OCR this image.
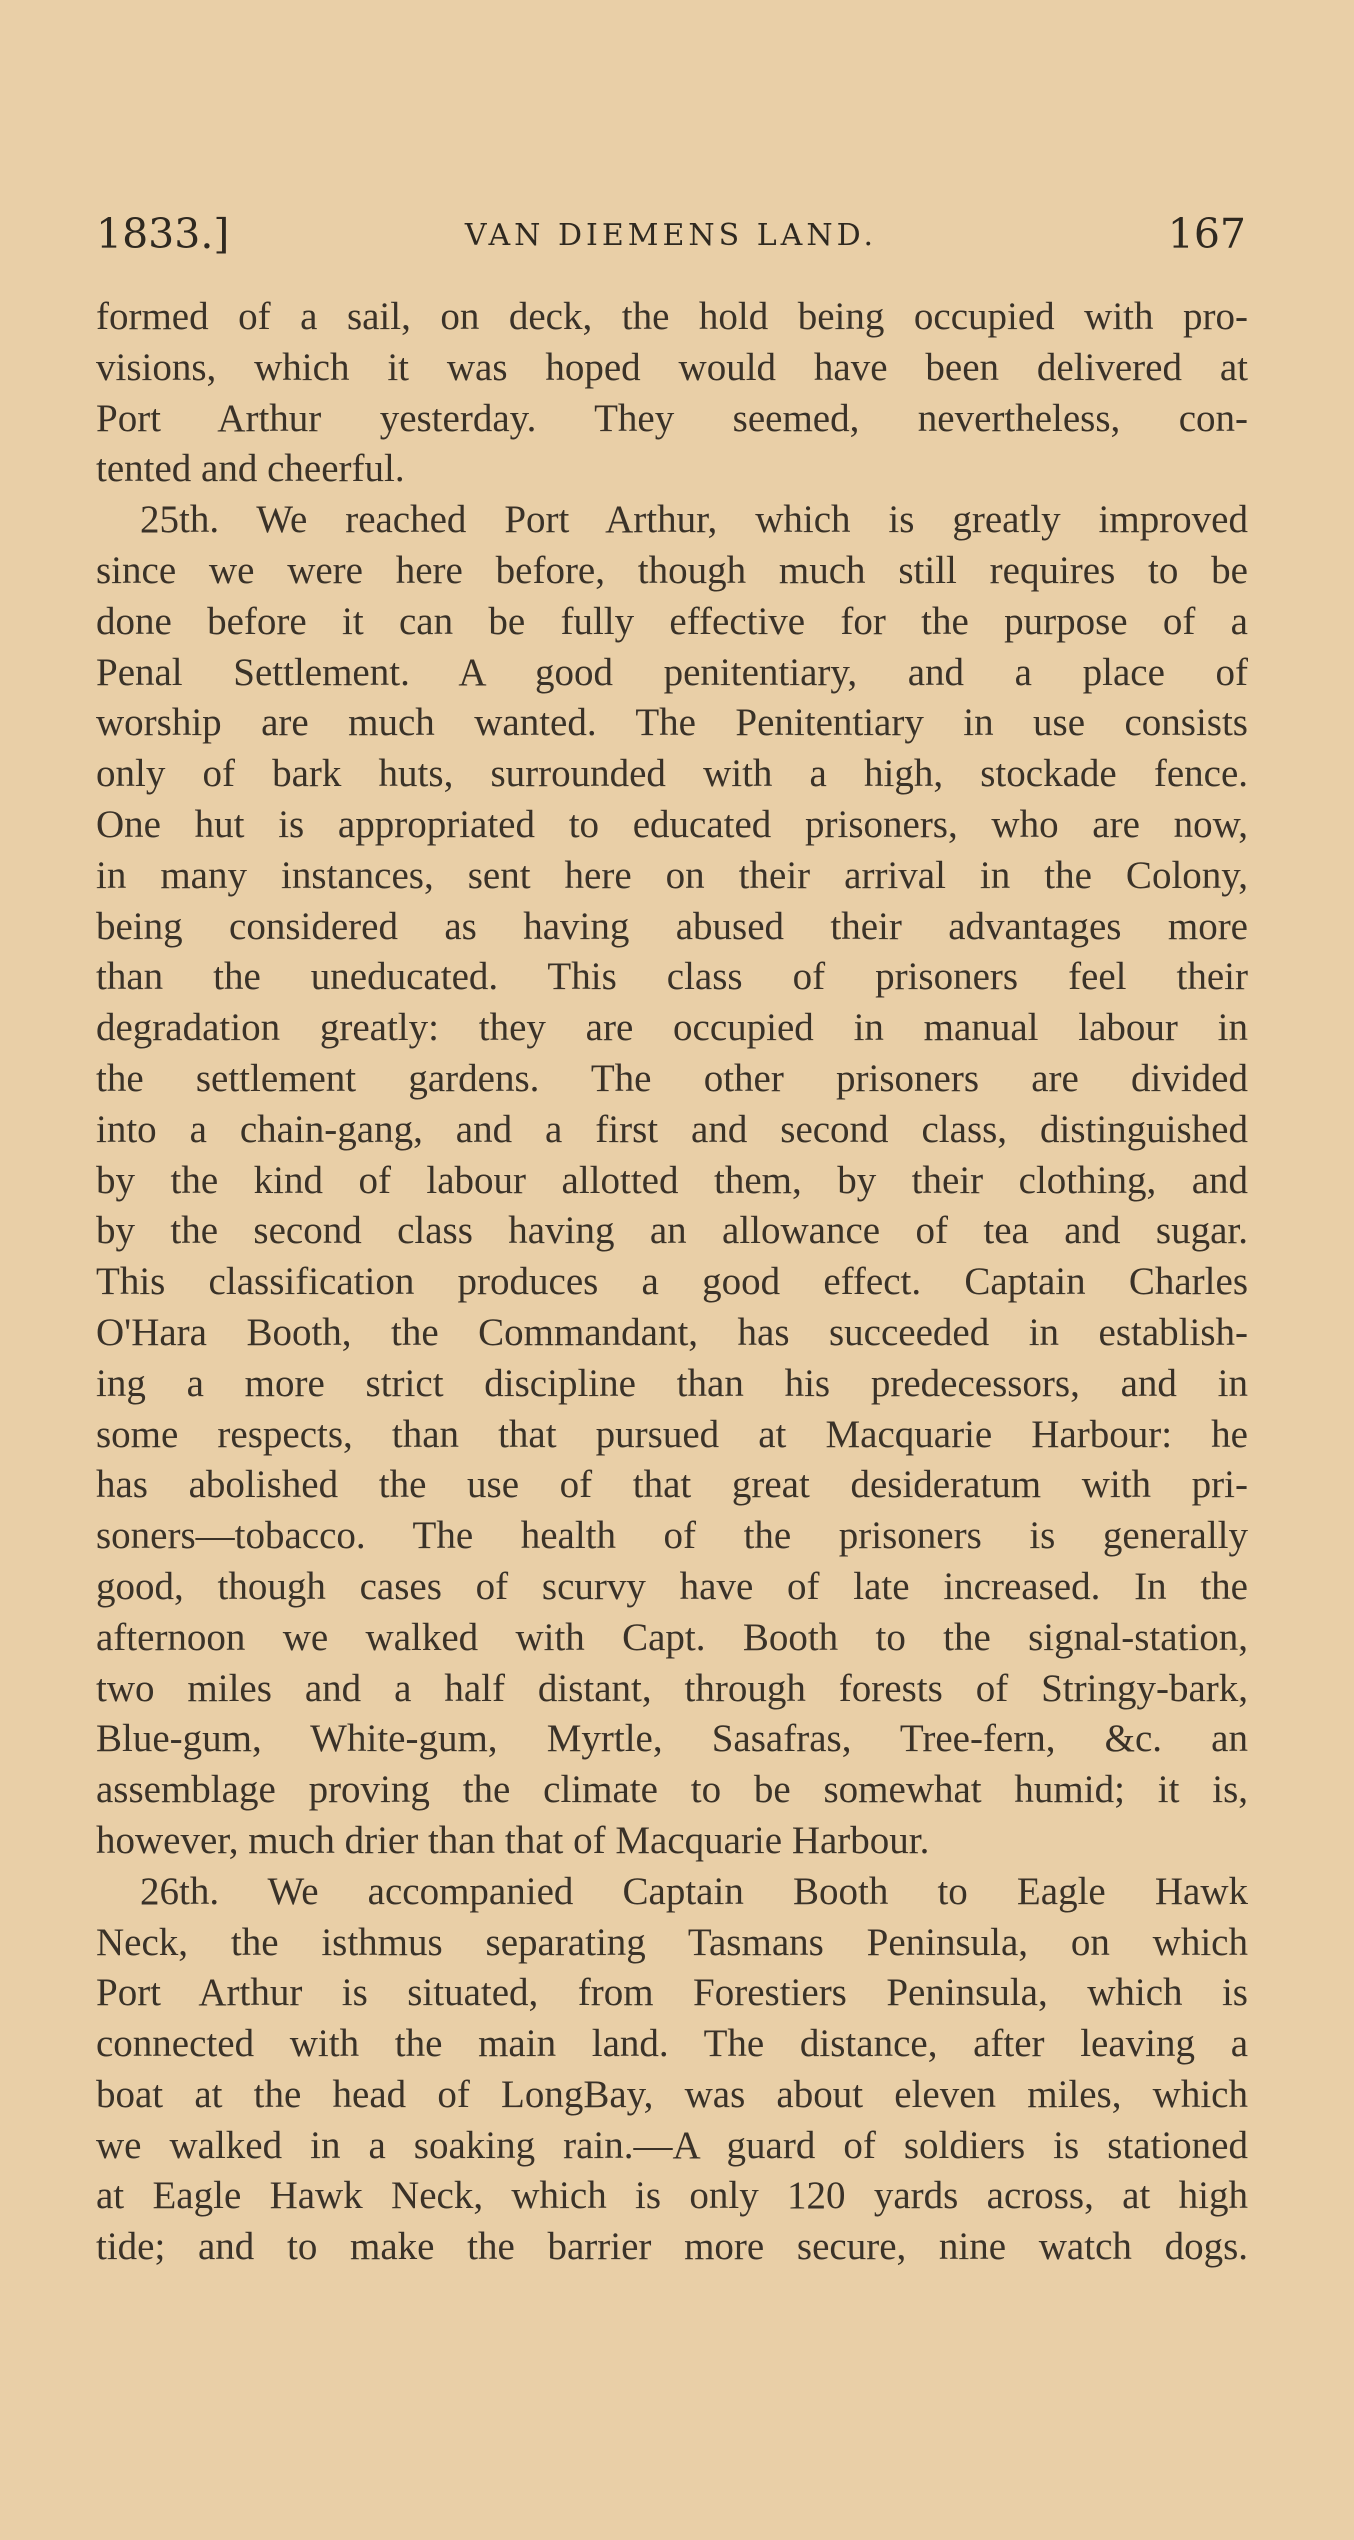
1833.]	VAN DIEMENS LAND.	167
formed of a sail, on deck, the hold being occupied with pro-
visions, which it was hoped would have been delivered at
Port Arthur yesterday. They seemed, nevertheless, con-
tented and cheerful.
25th. We reached Port Arthur, which is greatly improved
since we were here before, though much still requires to be
done before it can be fully effective for the purpose of a
Penal Settlement. A good penitentiary, and a place of
worship are much wanted. The Penitentiary in use consists
only of bark huts, surrounded with a high, stockade fence.
One hut is appropriated to educated prisoners, who are now,
in many instances, sent here on their arrival in the Colony,
being considered as having abused their advantages more
than the uneducated. This class of prisoners feel their
degradation greatly: they are occupied in manual labour in
the settlement gardens. The other prisoners are divided
into a chain-gang, and a first and second class, distinguished
by the kind of labour allotted them, by their clothing, and
by the second class having an allowance of tea and sugar.
This classification produces a good effect. Captain Charles
O'Hara Booth, the Commandant, has succeeded in establish-
ing a more strict discipline than his predecessors, and in
some respects, than that pursued at Macquarie Harbour: he
has abolished the use of that great desideratum with pri-
soners—tobacco. The health of the prisoners is generally
good, though cases of scurvy have of late increased. In the
afternoon we walked with Capt. Booth to the signal-station,
two miles and a half distant, through forests of Stringy-bark,
Blue-gum, White-gum, Myrtle, Sasafras, Tree-fern, &c. an
assemblage proving the climate to be somewhat humid; it is,
however, much drier than that of Macquarie Harbour.
26th. We accompanied Captain Booth to Eagle Hawk
Neck, the isthmus separating Tasmans Peninsula, on which
Port Arthur is situated, from Forestiers Peninsula, which is
connected with the main land. The distance, after leaving a
boat at the head of LongBay, was about eleven miles, which
we walked in a soaking rain.—A guard of soldiers is stationed
at Eagle Hawk Neck, which is only 120 yards across, at high
tide; and to make the barrier more secure, nine watch dogs.
